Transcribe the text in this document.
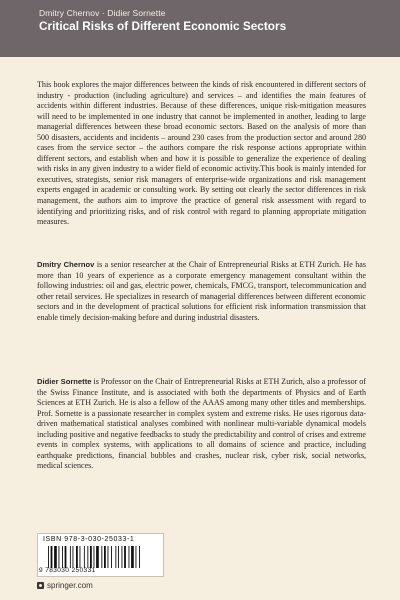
Dmitry Chernov · Didier Sornette
Critical Risks of Different Economic Sectors

This book explores the major differences between the kinds of risk encountered in different sectors of industry - production (including agriculture) and services – and identifies the main features of accidents within different industries. Because of these differences, unique risk-mitigation measures will need to be implemented in one industry that cannot be implemented in another, leading to large managerial differences between these broad economic sectors. Based on the analysis of more than 500 disasters, accidents and incidents – around 230 cases from the production sector and around 280 cases from the service sector – the authors compare the risk response actions appropriate within different sectors, and establish when and how it is possible to generalize the experience of dealing with risks in any given industry to a wider field of economic activity.This book is mainly intended for executives, strategists, senior risk managers of enterprise-wide organizations and risk management experts engaged in academic or consulting work. By setting out clearly the sector differences in risk management, the authors aim to improve the practice of general risk assessment with regard to identifying and prioritizing risks, and of risk control with regard to planning appropriate mitigation measures.

Dmitry Chernov is a senior researcher at the Chair of Entrepreneurial Risks at ETH Zurich. He has more than 10 years of experience as a corporate emergency management consultant within the following industries: oil and gas, electric power, chemicals, FMCG, transport, telecommunication and other retail services. He specializes in research of managerial differences between different economic sectors and in the development of practical solutions for efficient risk information transmission that enable timely decision-making before and during industrial disasters.

Didier Sornette is Professor on the Chair of Entrepreneurial Risks at ETH Zurich, also a professor of the Swiss Finance Institute, and is associated with both the departments of Physics and of Earth Sciences at ETH Zurich. He is also a fellow of the AAAS among many other titles and memberships. Prof. Sornette is a passionate researcher in complex system and extreme risks. He uses rigorous data-driven mathematical statistical analyses combined with nonlinear multi-variable dynamical models including positive and negative feedbacks to study the predictability and control of crises and extreme events in complex systems, with applications to all domains of science and practice, including earthquake predictions, financial bubbles and crashes, nuclear risk, cyber risk, social networks, medical sciences.

ISBN 978-3-030-25033-1
9 783030 250331
springer.com
